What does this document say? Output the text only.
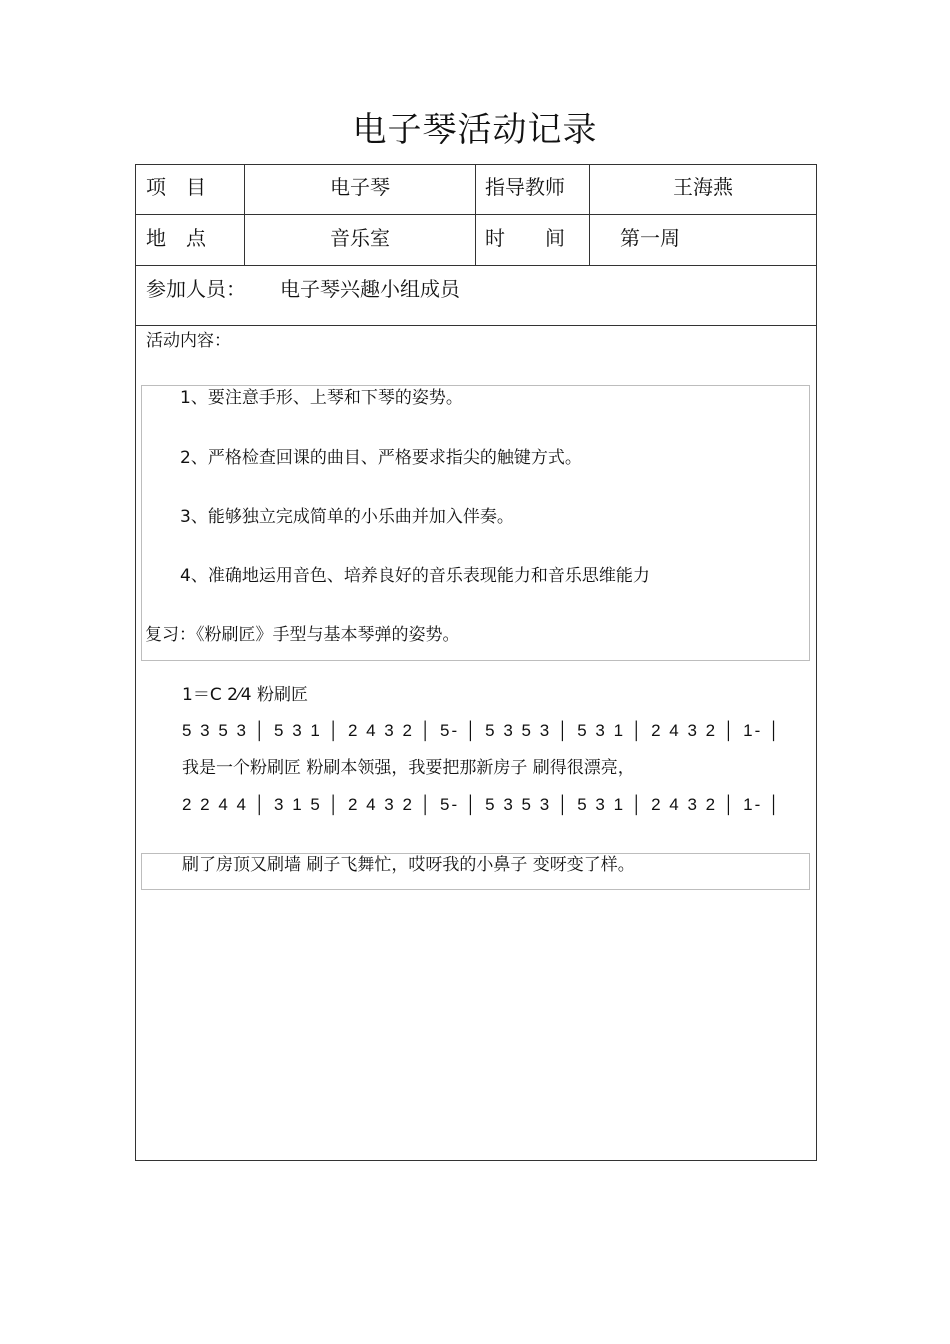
电子琴活动记录
项　目	电子琴	指导教师	王海燕
地　点	音乐室	时　　间	第一周
参加人员： 电子琴兴趣小组成员
活动内容：
1、要注意手形、上琴和下琴的姿势。
2、严格检查回课的曲目、严格要求指尖的触键方式。
3、能够独立完成简单的小乐曲并加入伴奏。
4、准确地运用音色、培养良好的音乐表现能力和音乐思维能力
复习：《粉刷匠》手型与基本琴弹的姿势。
1＝C 2⁄4 粉刷匠
5 3 5 3 │ 5 3 1 │ 2 4 3 2 │ 5- │ 5 3 5 3 │ 5 3 1 │ 2 4 3 2 │ 1- │
我是一个粉刷匠 粉刷本领强，我要把那新房子 刷得很漂亮，
2 2 4 4 │ 3 1 5 │ 2 4 3 2 │ 5- │ 5 3 5 3 │ 5 3 1 │ 2 4 3 2 │ 1- │
刷了房顶又刷墙 刷子飞舞忙，哎呀我的小鼻子 变呀变了样。
